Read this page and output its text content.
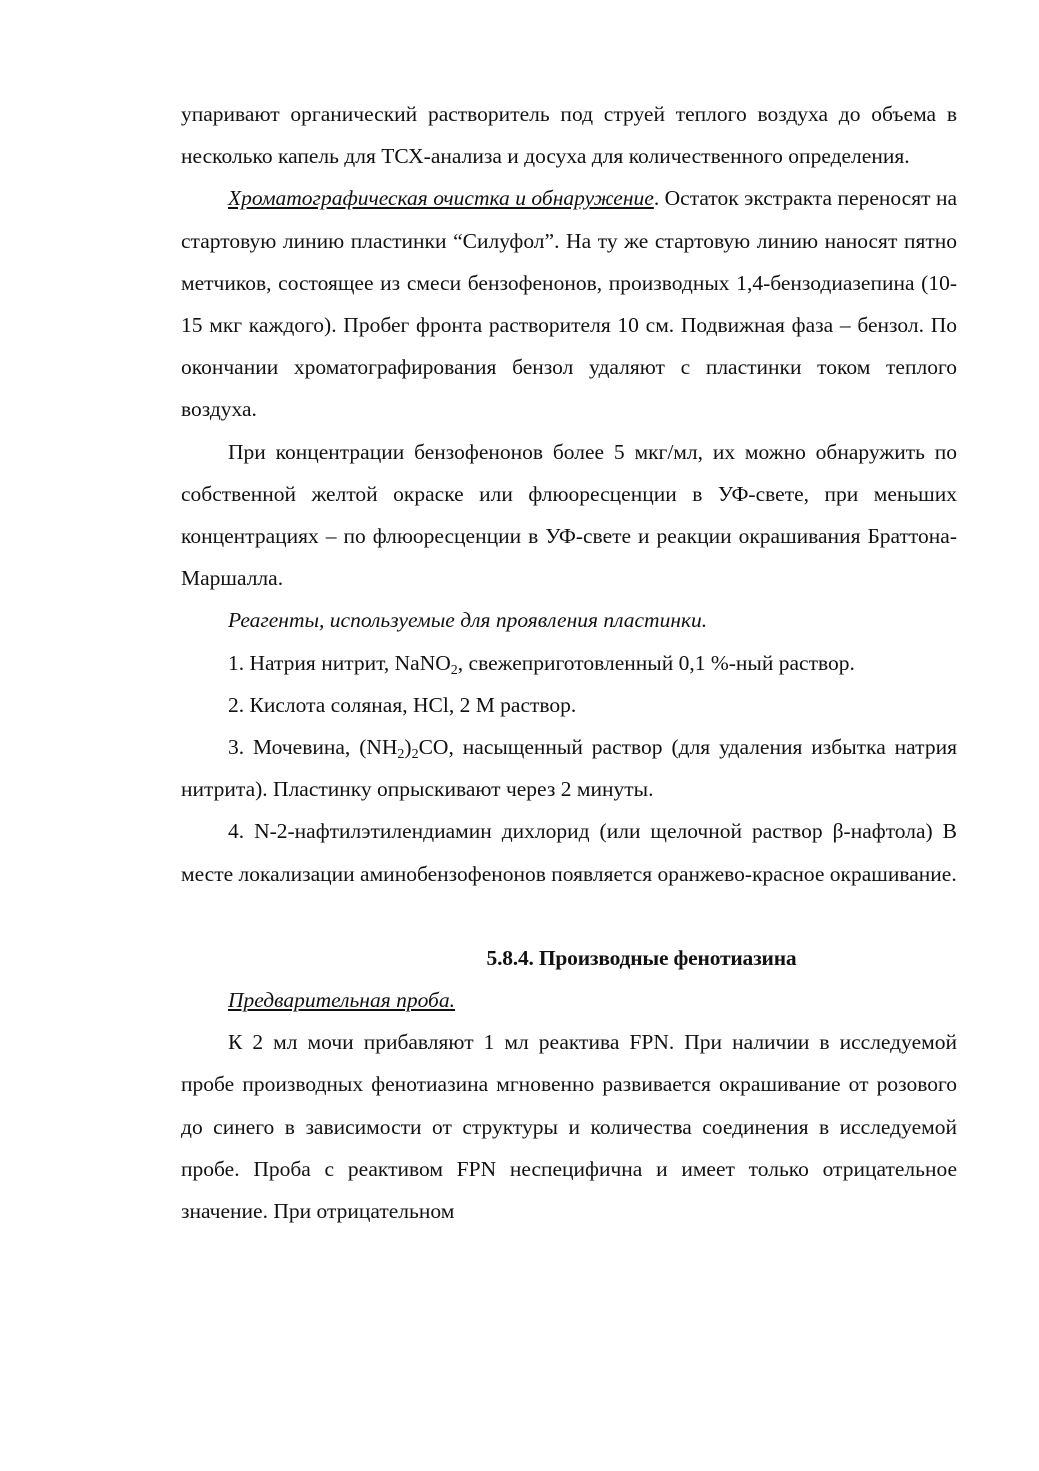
упаривают органический растворитель под струей теплого воздуха до объема в несколько капель для ТСХ-анализа и досуха для количественного определения.

Хроматографическая очистка и обнаружение. Остаток экстракта переносят на стартовую линию пластинки “Силуфол”. На ту же стартовую линию наносят пятно метчиков, состоящее из смеси бензофенонов, производных 1,4-бензодиазепина (10-15 мкг каждого). Пробег фронта растворителя 10 см. Подвижная фаза – бензол. По окончании хроматографирования бензол удаляют с пластинки током теплого воздуха.

При концентрации бензофенонов более 5 мкг/мл, их можно обнаружить по собственной желтой окраске или флюоресценции в УФ-свете, при меньших концентрациях – по флюоресценции в УФ-свете и реакции окрашивания Браттона-Маршалла.

Реагенты, используемые для проявления пластинки.

1. Натрия нитрит, NaNO$_2$, свежеприготовленный 0,1 %-ный раствор.

2. Кислота соляная, HCl, 2 М раствор.

3. Мочевина, $(NH_2)_2CO$, насыщенный раствор (для удаления избытка натрия нитрита). Пластинку опрыскивают через 2 минуты.

4. N-2-нафтилэтилендиамин дихлорид (или щелочной раствор β-нафтола) В месте локализации аминобензофенонов появляется оранжево-красное окрашивание.

5.8.4. Производные фенотиазина

Предварительная проба.

К 2 мл мочи прибавляют 1 мл реактива FPN. При наличии в исследуемой пробе производных фенотиазина мгновенно развивается окрашивание от розового до синего в зависимости от структуры и количества соединения в исследуемой пробе. Проба с реактивом FPN неспецифична и имеет только отрицательное значение. При отрицательном
